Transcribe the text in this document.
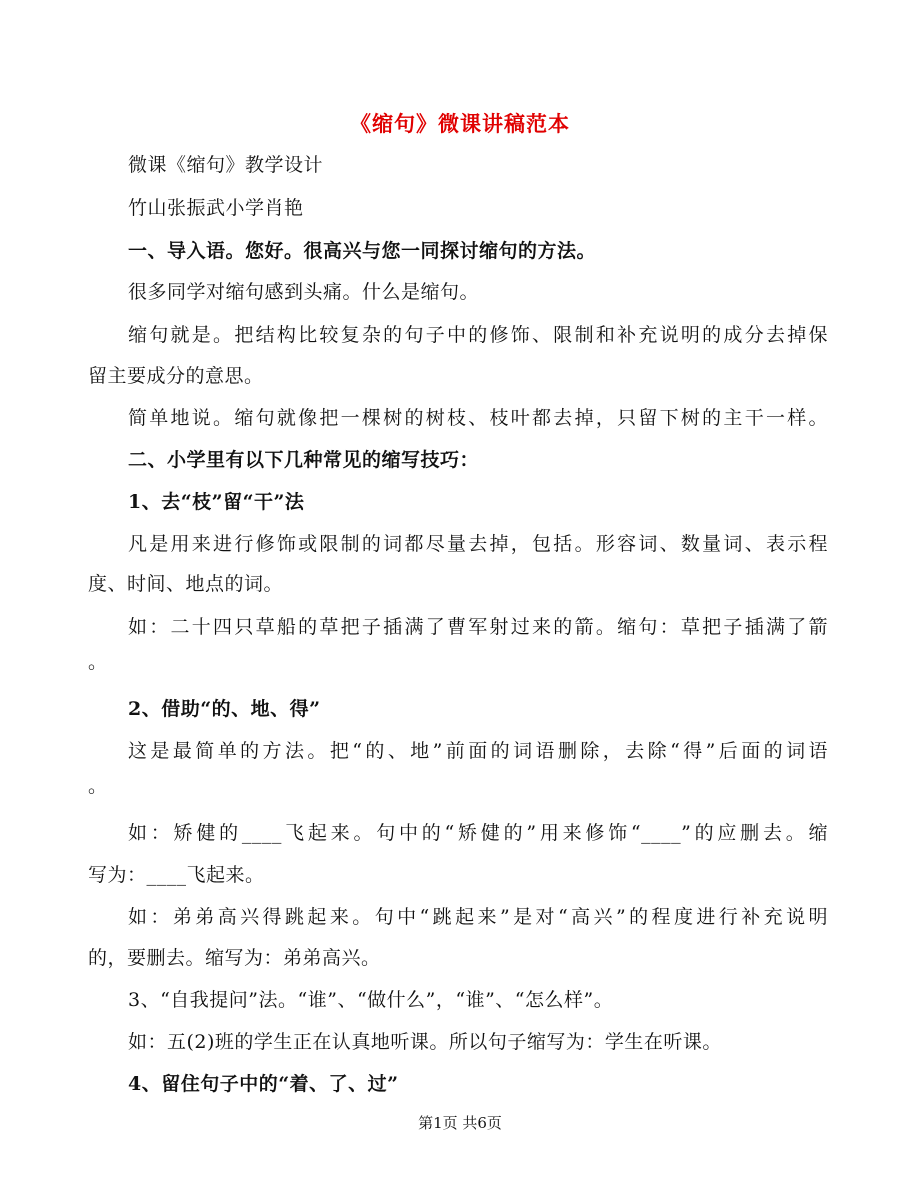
《缩句》微课讲稿范本
微课《缩句》教学设计
竹山张振武小学肖艳
一、导入语。您好。很高兴与您一同探讨缩句的方法。
很多同学对缩句感到头痛。什么是缩句。
缩句就是。把结构比较复杂的句子中的修饰、限制和补充说明的成分去掉保
留主要成分的意思。
简单地说。缩句就像把一棵树的树枝、枝叶都去掉，只留下树的主干一样。
二、小学里有以下几种常见的缩写技巧：
1、去“枝”留“干”法
凡是用来进行修饰或限制的词都尽量去掉，包括。形容词、数量词、表示程
度、时间、地点的词。
如：二十四只草船的草把子插满了曹军射过来的箭。缩句：草把子插满了箭
。
2、借助“的、地、得”
这是最简单的方法。把“的、地”前面的词语删除，去除“得”后面的词语
。
如：矫健的____飞起来。句中的“矫健的”用来修饰“____”的应删去。缩
写为：____飞起来。
如：弟弟高兴得跳起来。句中“跳起来”是对“高兴”的程度进行补充说明
的，要删去。缩写为：弟弟高兴。
3、“自我提问”法。“谁”、“做什么”，“谁”、“怎么样”。
如：五(2)班的学生正在认真地听课。所以句子缩写为：学生在听课。
4、留住句子中的“着、了、过”
第1页 共6页
